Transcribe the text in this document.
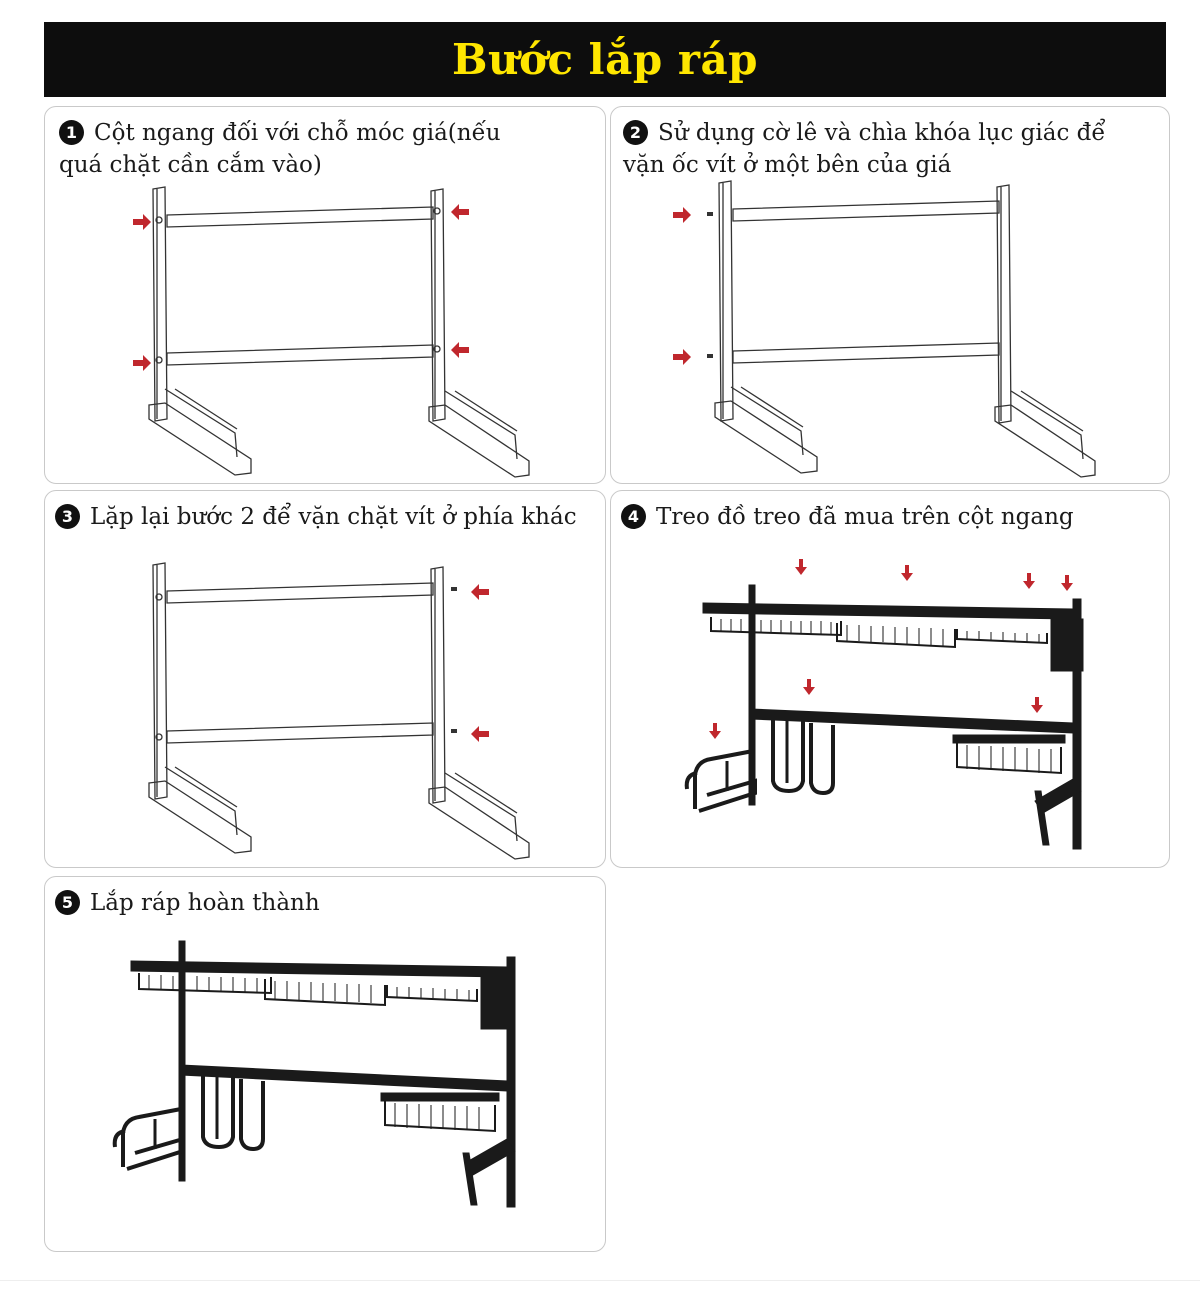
Bước lắp ráp
1 Cột ngang đối với chỗ móc giá(nếu quá chặt cần cắm vào)
2 Sử dụng cờ lê và chìa khóa lục giác để vặn ốc vít ở một bên của giá
3 Lặp lại bước 2 để vặn chặt vít ở phía khác	4 Treo đồ treo đã mua trên cột ngang
5 Lắp ráp hoàn thành
